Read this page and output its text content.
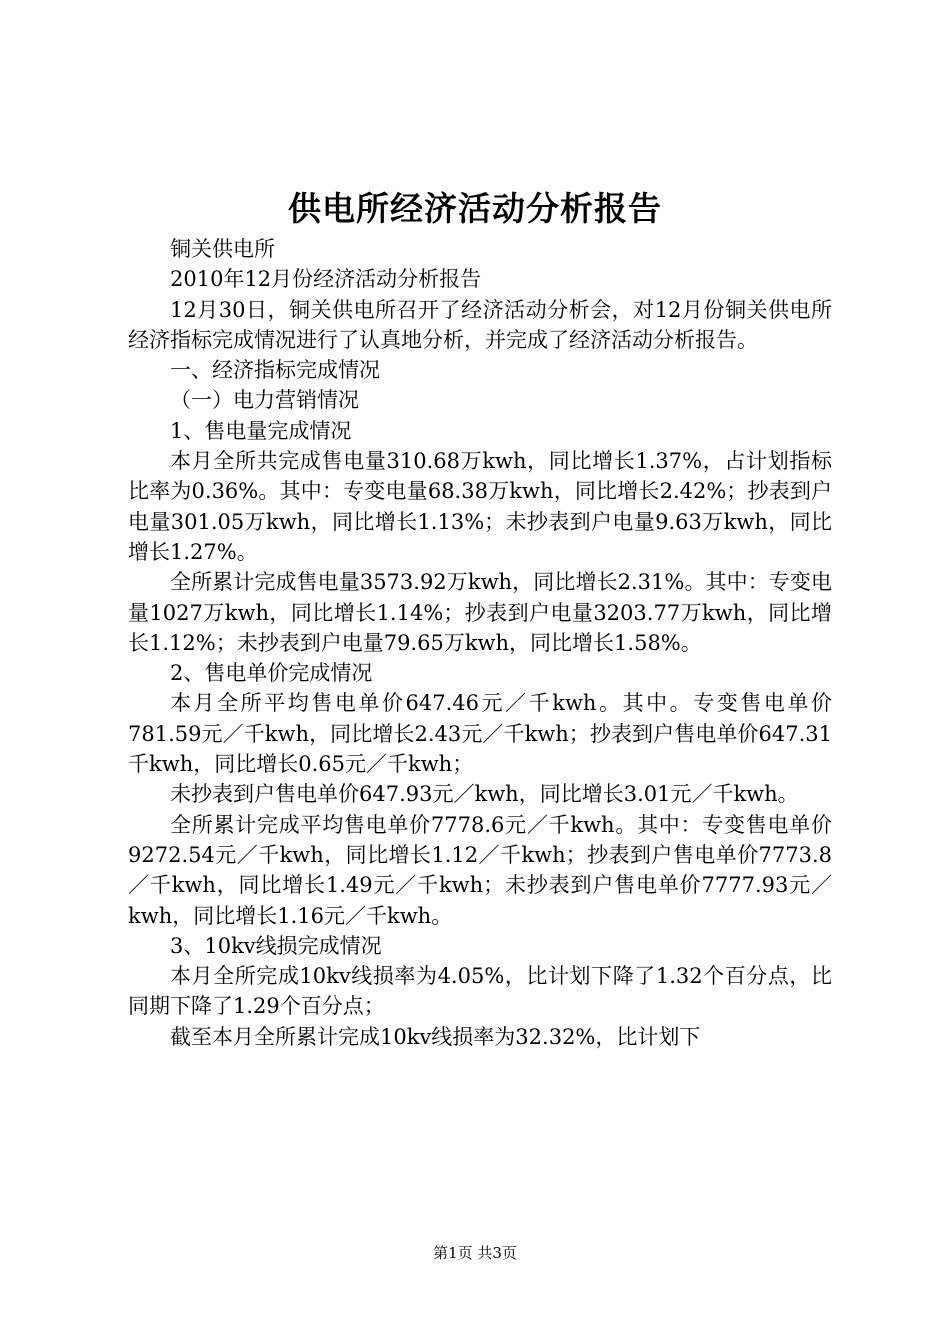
供电所经济活动分析报告

铜关供电所

2010年12月份经济活动分析报告

12月30日，铜关供电所召开了经济活动分析会，对12月份铜关供电所经济指标完成情况进行了认真地分析，并完成了经济活动分析报告。

一、经济指标完成情况

（一）电力营销情况

1、售电量完成情况

本月全所共完成售电量310.68万kwh，同比增长1.37%，占计划指标比率为0.36%。其中：专变电量68.38万kwh，同比增长2.42%；抄表到户电量301.05万kwh，同比增长1.13%；未抄表到户电量9.63万kwh，同比增长1.27%。

全所累计完成售电量3573.92万kwh，同比增长2.31%。其中：专变电量1027万kwh，同比增长1.14%；抄表到户电量3203.77万kwh，同比增长1.12%；未抄表到户电量79.65万kwh，同比增长1.58%。

2、售电单价完成情况

本月全所平均售电单价647.46元／千kwh。其中。专变售电单价781.59元／千kwh，同比增长2.43元／千kwh；抄表到户售电单价647.31千kwh，同比增长0.65元／千kwh；

未抄表到户售电单价647.93元／kwh，同比增长3.01元／千kwh。

全所累计完成平均售电单价7778.6元／千kwh。其中：专变售电单价9272.54元／千kwh，同比增长1.12／千kwh；抄表到户售电单价7773.8／千kwh，同比增长1.49元／千kwh；未抄表到户售电单价7777.93元／kwh，同比增长1.16元／千kwh。

3、10kv线损完成情况

本月全所完成10kv线损率为4.05%，比计划下降了1.32个百分点，比同期下降了1.29个百分点；

截至本月全所累计完成10kv线损率为32.32%，比计划下

第1页 共3页
